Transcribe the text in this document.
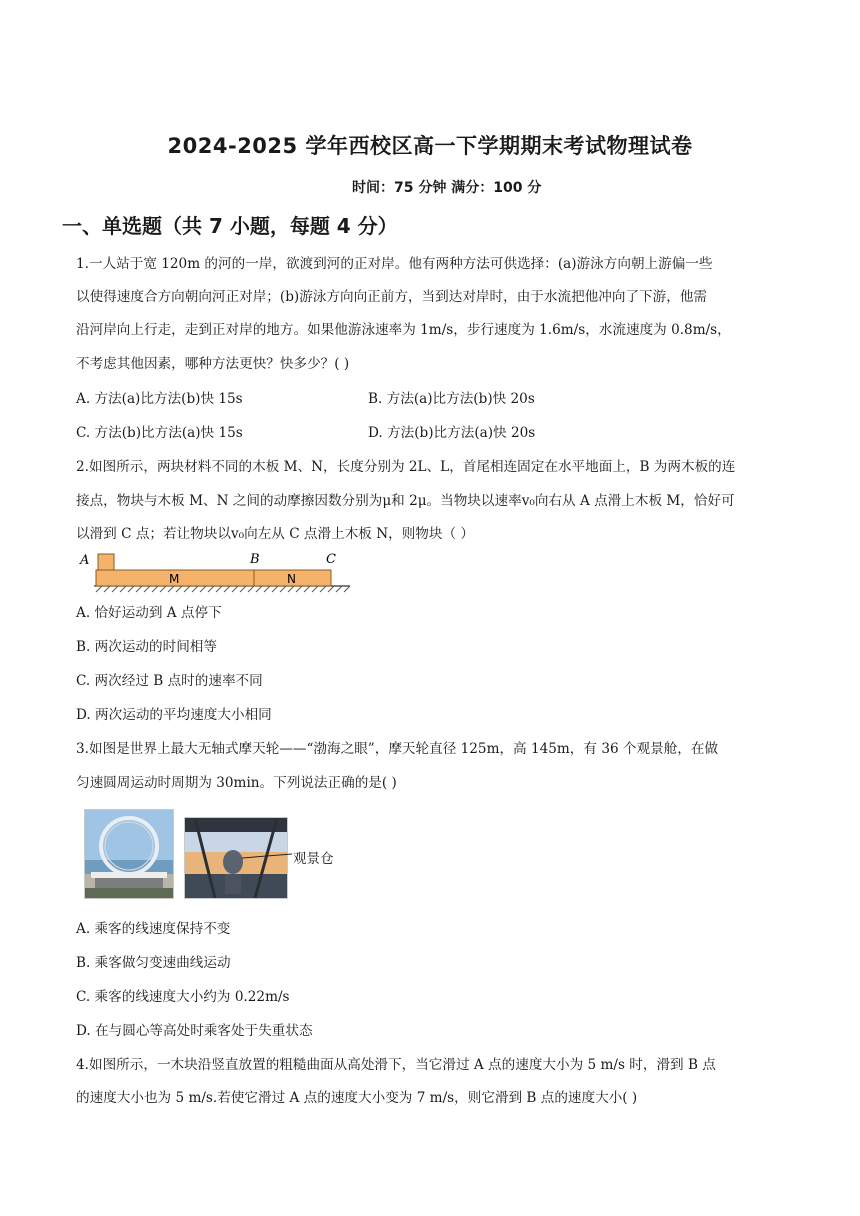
2024-2025 学年西校区高一下学期期末考试物理试卷
时间：75 分钟 满分：100 分
一、单选题（共 7 小题，每题 4 分）
1.一人站于宽 120m 的河的一岸，欲渡到河的正对岸。他有两种方法可供选择：(a)游泳方向朝上游偏一些
以使得速度合方向朝向河正对岸；(b)游泳方向向正前方，当到达对岸时，由于水流把他冲向了下游，他需
沿河岸向上行走，走到正对岸的地方。如果他游泳速率为 1m/s，步行速度为 1.6m/s，水流速度为 0.8m/s，
不考虑其他因素，哪种方法更快？快多少？( )
A. 方法(a)比方法(b)快 15s	B. 方法(a)比方法(b)快 20s
C. 方法(b)比方法(a)快 15s	D. 方法(b)比方法(a)快 20s
2.如图所示，两块材料不同的木板 M、N，长度分别为 2L、L，首尾相连固定在水平地面上，B 为两木板的连
接点，物块与木板 M、N 之间的动摩擦因数分别为μ和 2μ。当物块以速率v₀向右从 A 点滑上木板 M，恰好可
以滑到 C 点；若让物块以v₀向左从 C 点滑上木板 N，则物块（ ）
A	B	C
M	N
A. 恰好运动到 A 点停下
B. 两次运动的时间相等
C. 两次经过 B 点时的速率不同
D. 两次运动的平均速度大小相同
3.如图是世界上最大无轴式摩天轮——“渤海之眼”，摩天轮直径 125m，高 145m，有 36 个观景舱，在做
匀速圆周运动时周期为 30min。下列说法正确的是( )
观景仓
A. 乘客的线速度保持不变
B. 乘客做匀变速曲线运动
C. 乘客的线速度大小约为 0.22m/s
D. 在与圆心等高处时乘客处于失重状态
4.如图所示，一木块沿竖直放置的粗糙曲面从高处滑下，当它滑过 A 点的速度大小为 5 m/s 时，滑到 B 点
的速度大小也为 5 m/s.若使它滑过 A 点的速度大小变为 7 m/s，则它滑到 B 点的速度大小( )
